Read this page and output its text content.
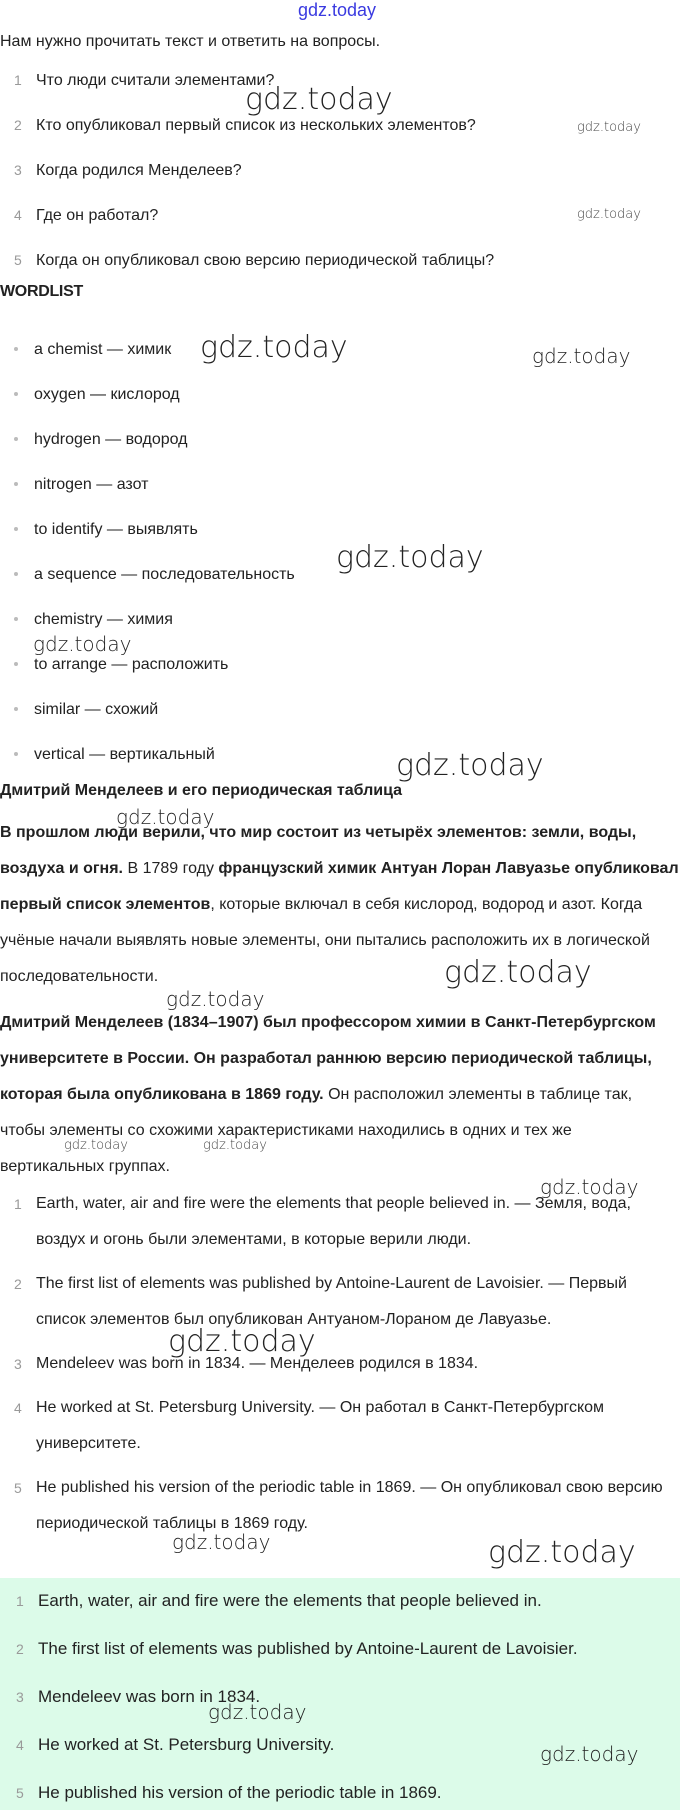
gdz.today
Нам нужно прочитать текст и ответить на вопросы.
1 Что люди считали элементами?
2 Кто опубликовал первый список из нескольких элементов?
3 Когда родился Менделеев?
4 Где он работал?
5 Когда он опубликовал свою версию периодической таблицы?
WORDLIST
a chemist — химик
oxygen — кислород
hydrogen — водород
nitrogen — азот
to identify — выявлять
a sequence — последовательность
chemistry — химия
to arrange — расположить
similar — схожий
vertical — вертикальный
Дмитрий Менделеев и его периодическая таблица
В прошлом люди верили, что мир состоит из четырёх элементов: земли, воды, воздуха и огня. В 1789 году французский химик Антуан Лоран Лавуазье опубликовал первый список элементов, которые включал в себя кислород, водород и азот. Когда учёные начали выявлять новые элементы, они пытались расположить их в логической последовательности.
Дмитрий Менделеев (1834–1907) был профессором химии в Санкт-Петербургском университете в России. Он разработал раннюю версию периодической таблицы, которая была опубликована в 1869 году. Он расположил элементы в таблице так, чтобы элементы со схожими характеристиками находились в одних и тех же вертикальных группах.
1 Earth, water, air and fire were the elements that people believed in. — Земля, вода, воздух и огонь были элементами, в которые верили люди.
2 The first list of elements was published by Antoine-Laurent de Lavoisier. — Первый список элементов был опубликован Антуаном-Лораном де Лавуазье.
3 Mendeleev was born in 1834. — Менделеев родился в 1834.
4 He worked at St. Petersburg University. — Он работал в Санкт-Петербургском университете.
5 He published his version of the periodic table in 1869. — Он опубликовал свою версию периодической таблицы в 1869 году.
1 Earth, water, air and fire were the elements that people believed in.
2 The first list of elements was published by Antoine-Laurent de Lavoisier.
3 Mendeleev was born in 1834.
4 He worked at St. Petersburg University.
5 He published his version of the periodic table in 1869.
gdz.today
gdz.today
gdz.today
gdz.today	gdz.today
gdz.today
gdz.today
gdz.today
gdz.today
gdz.today
gdz.today
gdz.today	gdz.today
gdz.today
gdz.today
gdz.today	gdz.today
gdz.today
gdz.today
